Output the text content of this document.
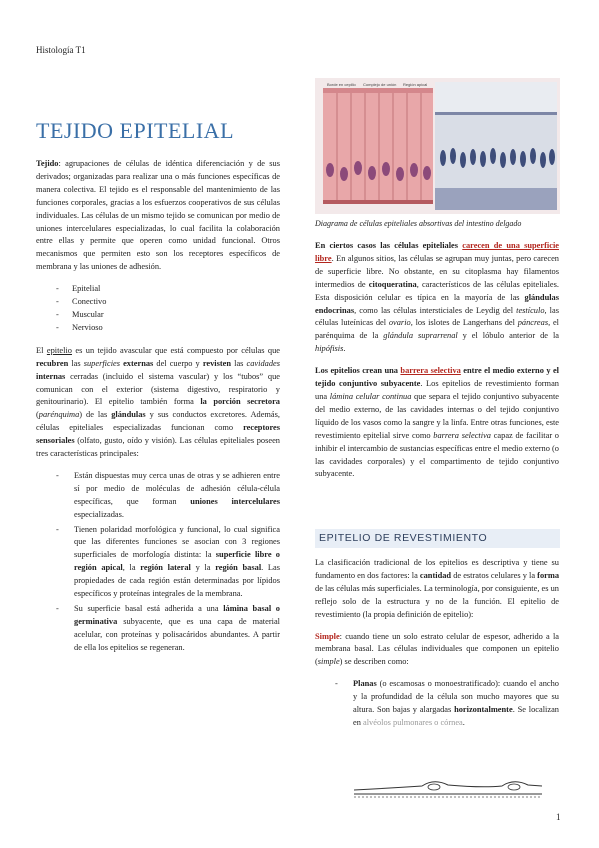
Histología T1
TEJIDO EPITELIAL

Tejido: agrupaciones de células de idéntica diferenciación y de sus derivados; organizadas para realizar una o más funciones específicas de manera colectiva. El tejido es el responsable del mantenimiento de las funciones corporales, gracias a los esfuerzos cooperativos de sus células individuales. Las células de un mismo tejido se comunican por medio de uniones intercelulares especializadas, lo cual facilita la colaboración entre ellas y permite que operen como unidad funcional. Otros mecanismos que permiten esto son los receptores específicos de membrana y las uniones de adhesión.

- Epitelial
- Conectivo
- Muscular
- Nervioso

El epitelio es un tejido avascular que está compuesto por células que recubren las superficies externas del cuerpo y revisten las cavidades internas cerradas (incluido el sistema vascular) y los “tubos” que comunican con el exterior (sistema digestivo, respiratorio y genitourinario). El epitelio también forma la porción secretora (parénquima) de las glándulas y sus conductos excretores. Además, células epiteliales especializadas funcionan como receptores sensoriales (olfato, gusto, oído y visión). Las células epiteliales poseen tres características principales:

- Están dispuestas muy cerca unas de otras y se adhieren entre sí por medio de moléculas de adhesión célula-célula específicas, que forman uniones intercelulares especializadas.
- Tienen polaridad morfológica y funcional, lo cual significa que las diferentes funciones se asocian con 3 regiones superficiales de morfología distinta: la superficie libre o región apical, la región lateral y la región basal. Las propiedades de cada región están determinadas por lípidos específicos y proteínas integrales de la membrana.
- Su superficie basal está adherida a una lámina basal o germinativa subyacente, que es una capa de material acelular, con proteínas y polisacáridos abundantes. A partir de ella los epitelios se regeneran.
Borde en cepillo Complejo de unión Región apical
Diagrama de células epiteliales absortivas del intestino delgado

En ciertos casos las células epiteliales carecen de una superficie libre. En algunos sitios, las células se agrupan muy juntas, pero carecen de superficie libre. No obstante, en su citoplasma hay filamentos intermedios de citoqueratina, característicos de las células epiteliales. Esta disposición celular es típica en la mayoría de las glándulas endocrinas, como las células intersticiales de Leydig del testículo, las células luteínicas del ovario, los islotes de Langerhans del páncreas, el parénquima de la glándula suprarrenal y el lóbulo anterior de la hipófisis.

Los epitelios crean una barrera selectiva entre el medio externo y el tejido conjuntivo subyacente. Los epitelios de revestimiento forman una lámina celular continua que separa el tejido conjuntivo subyacente del medio externo, de las cavidades internas o del tejido conjuntivo líquido de los vasos como la sangre y la linfa. Entre otras funciones, este revestimiento epitelial sirve como barrera selectiva capaz de facilitar o inhibir el intercambio de sustancias específicas entre el medio externo (o las cavidades corporales) y el compartimento de tejido conjuntivo subyacente.

EPITELIO DE REVESTIMIENTO

La clasificación tradicional de los epitelios es descriptiva y tiene su fundamento en dos factores: la cantidad de estratos celulares y la forma de las células más superficiales. La terminología, por consiguiente, es un reflejo solo de la estructura y no de la función. El epitelio de revestimiento (la propia definición de epitelio):

Simple: cuando tiene un solo estrato celular de espesor, adherido a la membrana basal. Las células individuales que componen un epitelio (simple) se describen como:

- Planas (o escamosas o monoestratificado): cuando el ancho y la profundidad de la célula son mucho mayores que su altura. Son bajas y alargadas horizontalmente. Se localizan en alvéolos pulmonares o córnea.
1
